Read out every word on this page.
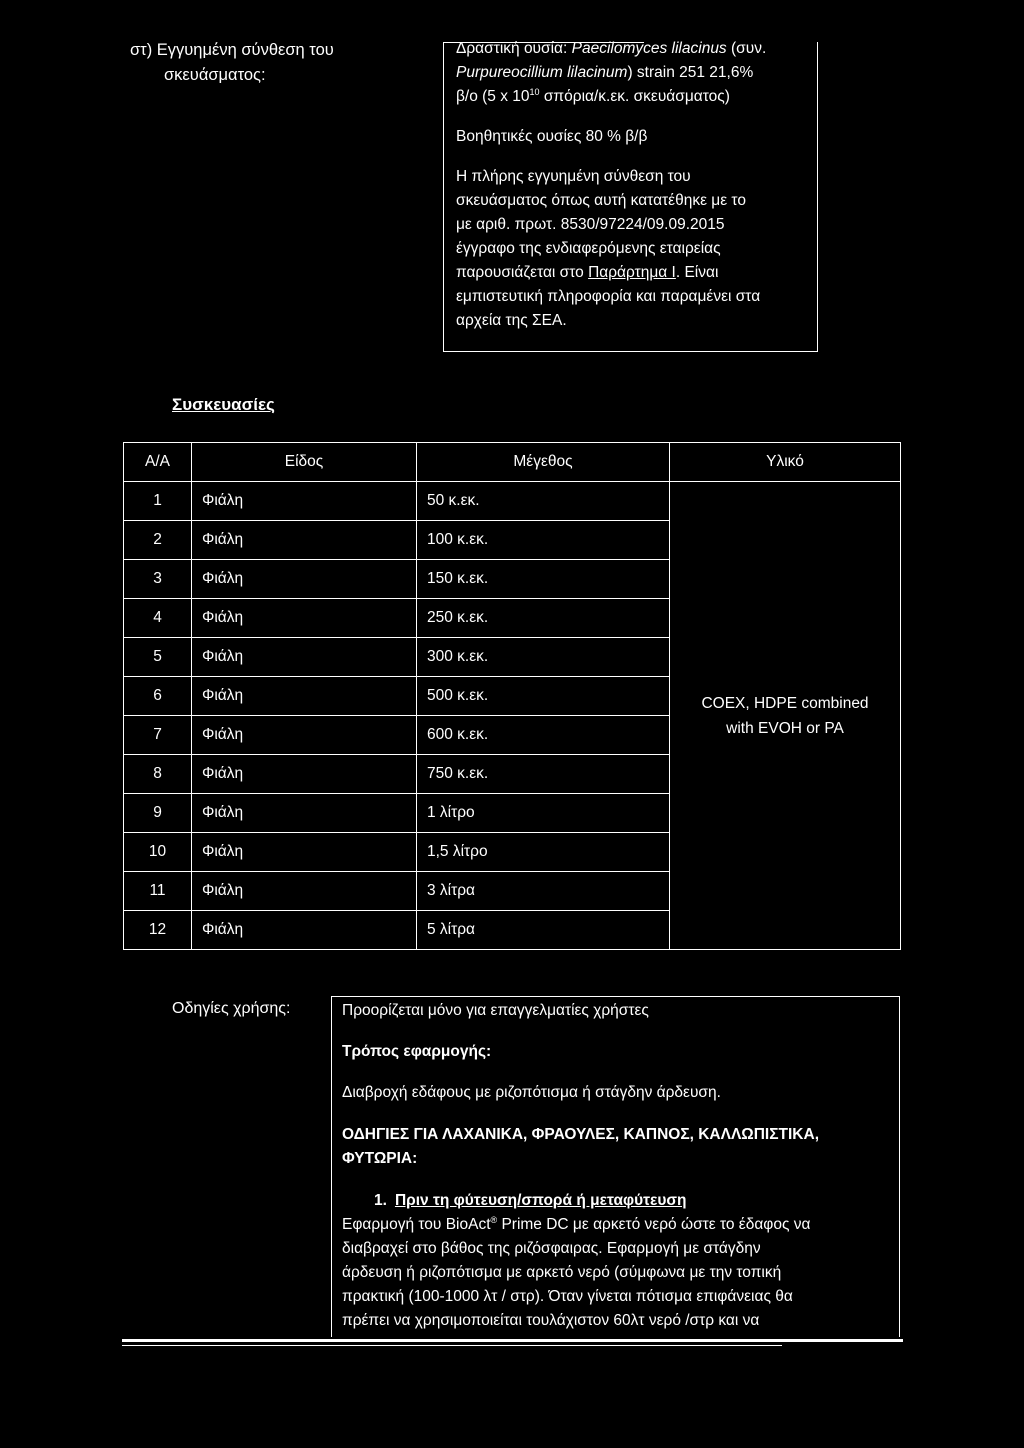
στ) Εγγυημένη σύνθεση του
σκευάσματος:

Δραστική ουσία: Paecilomyces lilacinus (συν.

Purpureocillium lilacinum) strain 251 21,6%

β/ο (5 x $10^{10}$ σπόρια/κ.εκ. σκευάσματος)

Βοηθητικές ουσίες 80 % β/β

Η πλήρης εγγυημένη σύνθεση του

σκευάσματος όπως αυτή κατατέθηκε με το

με αριθ. πρωτ. 8530/97224/09.09.2015

έγγραφο της ενδιαφερόμενης εταιρείας

παρουσιάζεται στο Παράρτημα Ι. Είναι

εμπιστευτική πληροφορία και παραμένει στα

αρχεία της ΣΕΑ.

Συσκευασίες
Α/Α	Είδος	Μέγεθος	Υλικό
1	Φιάλη	50 κ.εκ.	COEX, HDPE combined
with EVOH or PA

2	Φιάλη	100 κ.εκ.	
3	Φιάλη	150 κ.εκ.	
4	Φιάλη	250 κ.εκ.	
5	Φιάλη	300 κ.εκ.	
6	Φιάλη	500 κ.εκ.	
7	Φιάλη	600 κ.εκ.	
8	Φιάλη	750 κ.εκ.	
9	Φιάλη	1 λίτρο	
10	Φιάλη	1,5 λίτρο	
11	Φιάλη	3 λίτρα	
12	Φιάλη	5 λίτρα	
Οδηγίες χρήσης:	Προορίζεται μόνο για επαγγελματίες χρήστες

Τρόπος εφαρμογής:

Διαβροχή εδάφους με ριζοπότισμα ή στάγδην άρδευση.

ΟΔΗΓΙΕΣ ΓΙΑ ΛΑΧΑΝΙΚΑ, ΦΡΑΟΥΛΕΣ, ΚΑΠΝΟΣ, ΚΑΛΛΩΠΙΣΤΙΚΑ,

ΦΥΤΩΡΙΑ:

1. Πριν τη φύτευση/σπορά ή μεταφύτευση

Εφαρμογή του BioAct® Prime DC με αρκετό νερό ώστε το έδαφος να

διαβραχεί στο βάθος της ριζόσφαιρας. Εφαρμογή με στάγδην

άρδευση ή ριζοπότισμα με αρκετό νερό (σύμφωνα με την τοπική

πρακτική (100-1000 λτ / στρ). Όταν γίνεται πότισμα επιφάνειας θα

πρέπει να χρησιμοποιείται τουλάχιστον 60λτ νερό /στρ και να
